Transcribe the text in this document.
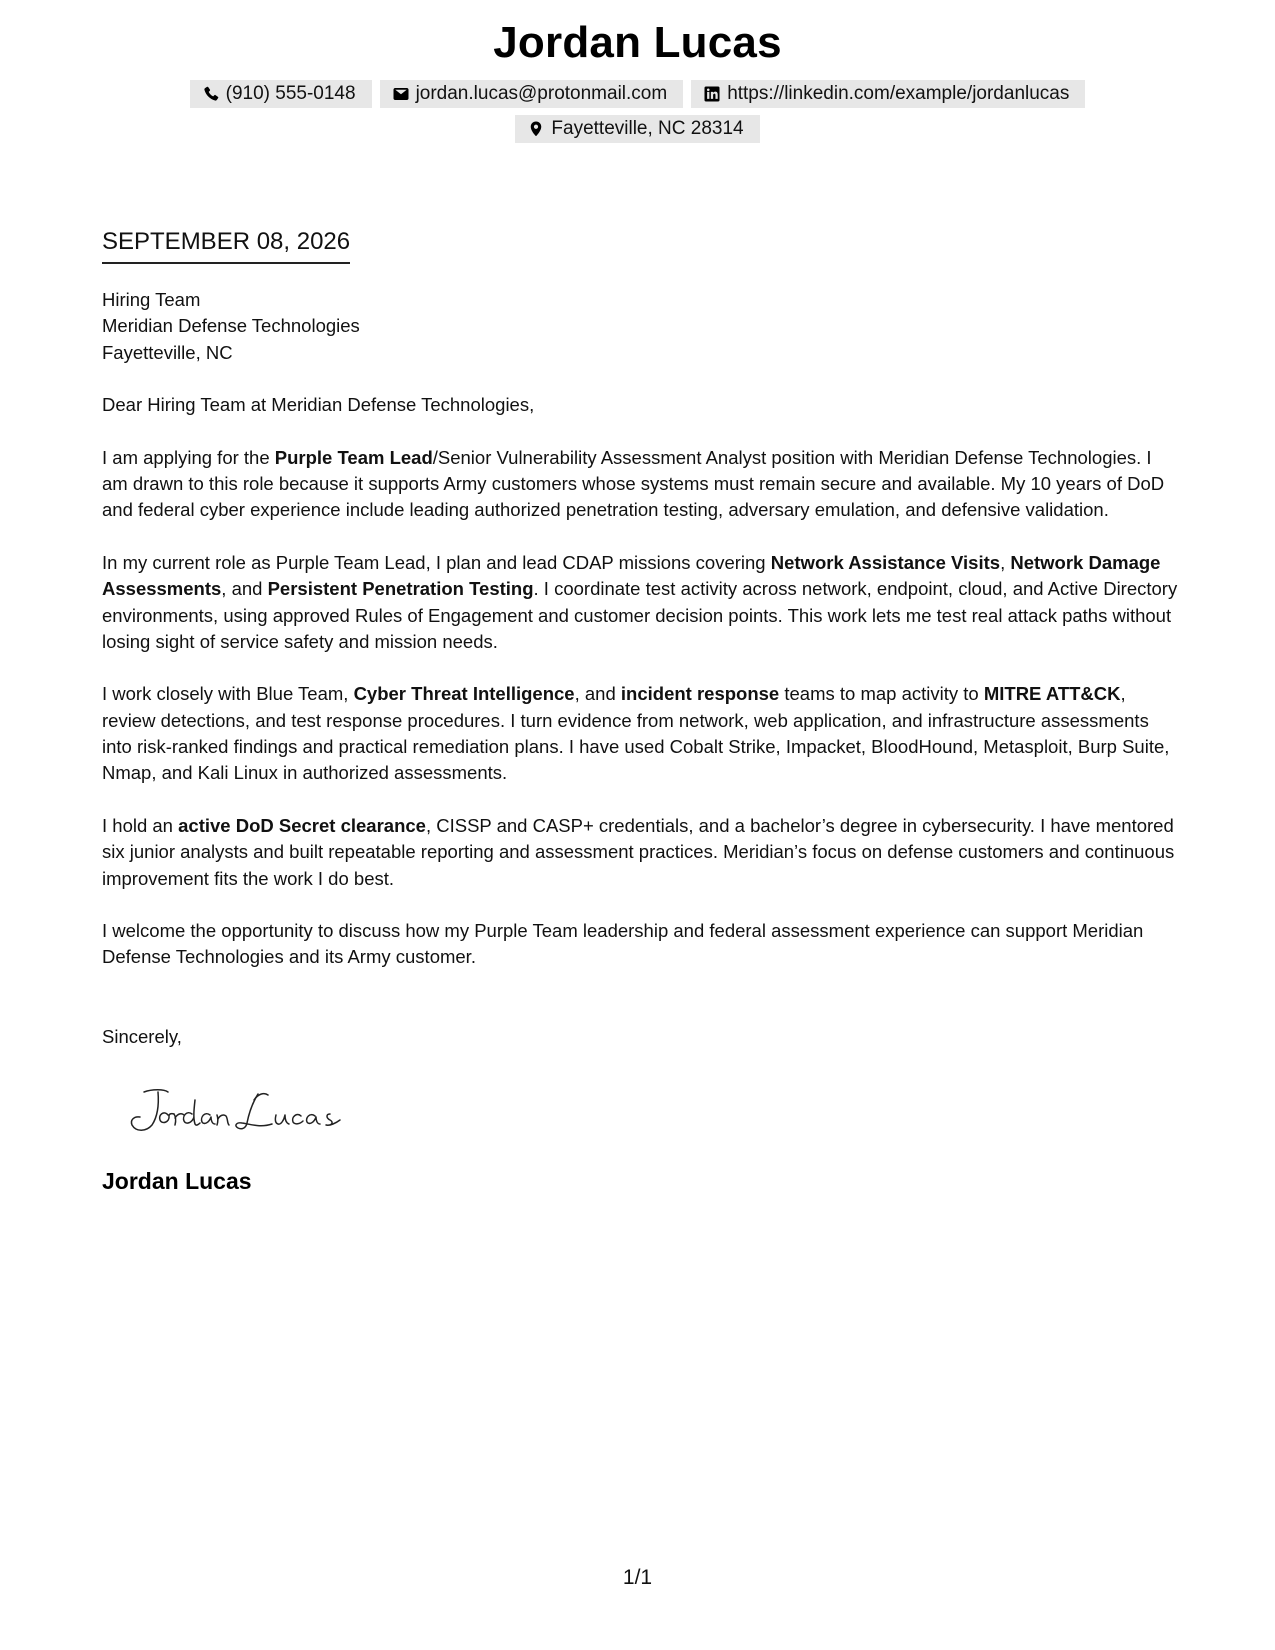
Jordan Lucas
(910) 555-0148	jordan.lucas@protonmail.com	https://linkedin.com/example/jordanlucas
Fayetteville, NC 28314
SEPTEMBER 08, 2026
Hiring Team
Meridian Defense Technologies
Fayetteville, NC

Dear Hiring Team at Meridian Defense Technologies,

I am applying for the Purple Team Lead/Senior Vulnerability Assessment Analyst position with Meridian Defense Technologies. I am drawn to this role because it supports Army customers whose systems must remain secure and available. My 10 years of DoD and federal cyber experience include leading authorized penetration testing, adversary emulation, and defensive validation.

In my current role as Purple Team Lead, I plan and lead CDAP missions covering Network Assistance Visits, Network Damage Assessments, and Persistent Penetration Testing. I coordinate test activity across network, endpoint, cloud, and Active Directory environments, using approved Rules of Engagement and customer decision points. This work lets me test real attack paths without losing sight of service safety and mission needs.

I work closely with Blue Team, Cyber Threat Intelligence, and incident response teams to map activity to MITRE ATT&CK, review detections, and test response procedures. I turn evidence from network, web application, and infrastructure assessments into risk-ranked findings and practical remediation plans. I have used Cobalt Strike, Impacket, BloodHound, Metasploit, Burp Suite, Nmap, and Kali Linux in authorized assessments.

I hold an active DoD Secret clearance, CISSP and CASP+ credentials, and a bachelor’s degree in cybersecurity. I have mentored six junior analysts and built repeatable reporting and assessment practices. Meridian’s focus on defense customers and continuous improvement fits the work I do best.

I welcome the opportunity to discuss how my Purple Team leadership and federal assessment experience can support Meridian Defense Technologies and its Army customer.

Sincerely,
Jordan Lucas
1/1
